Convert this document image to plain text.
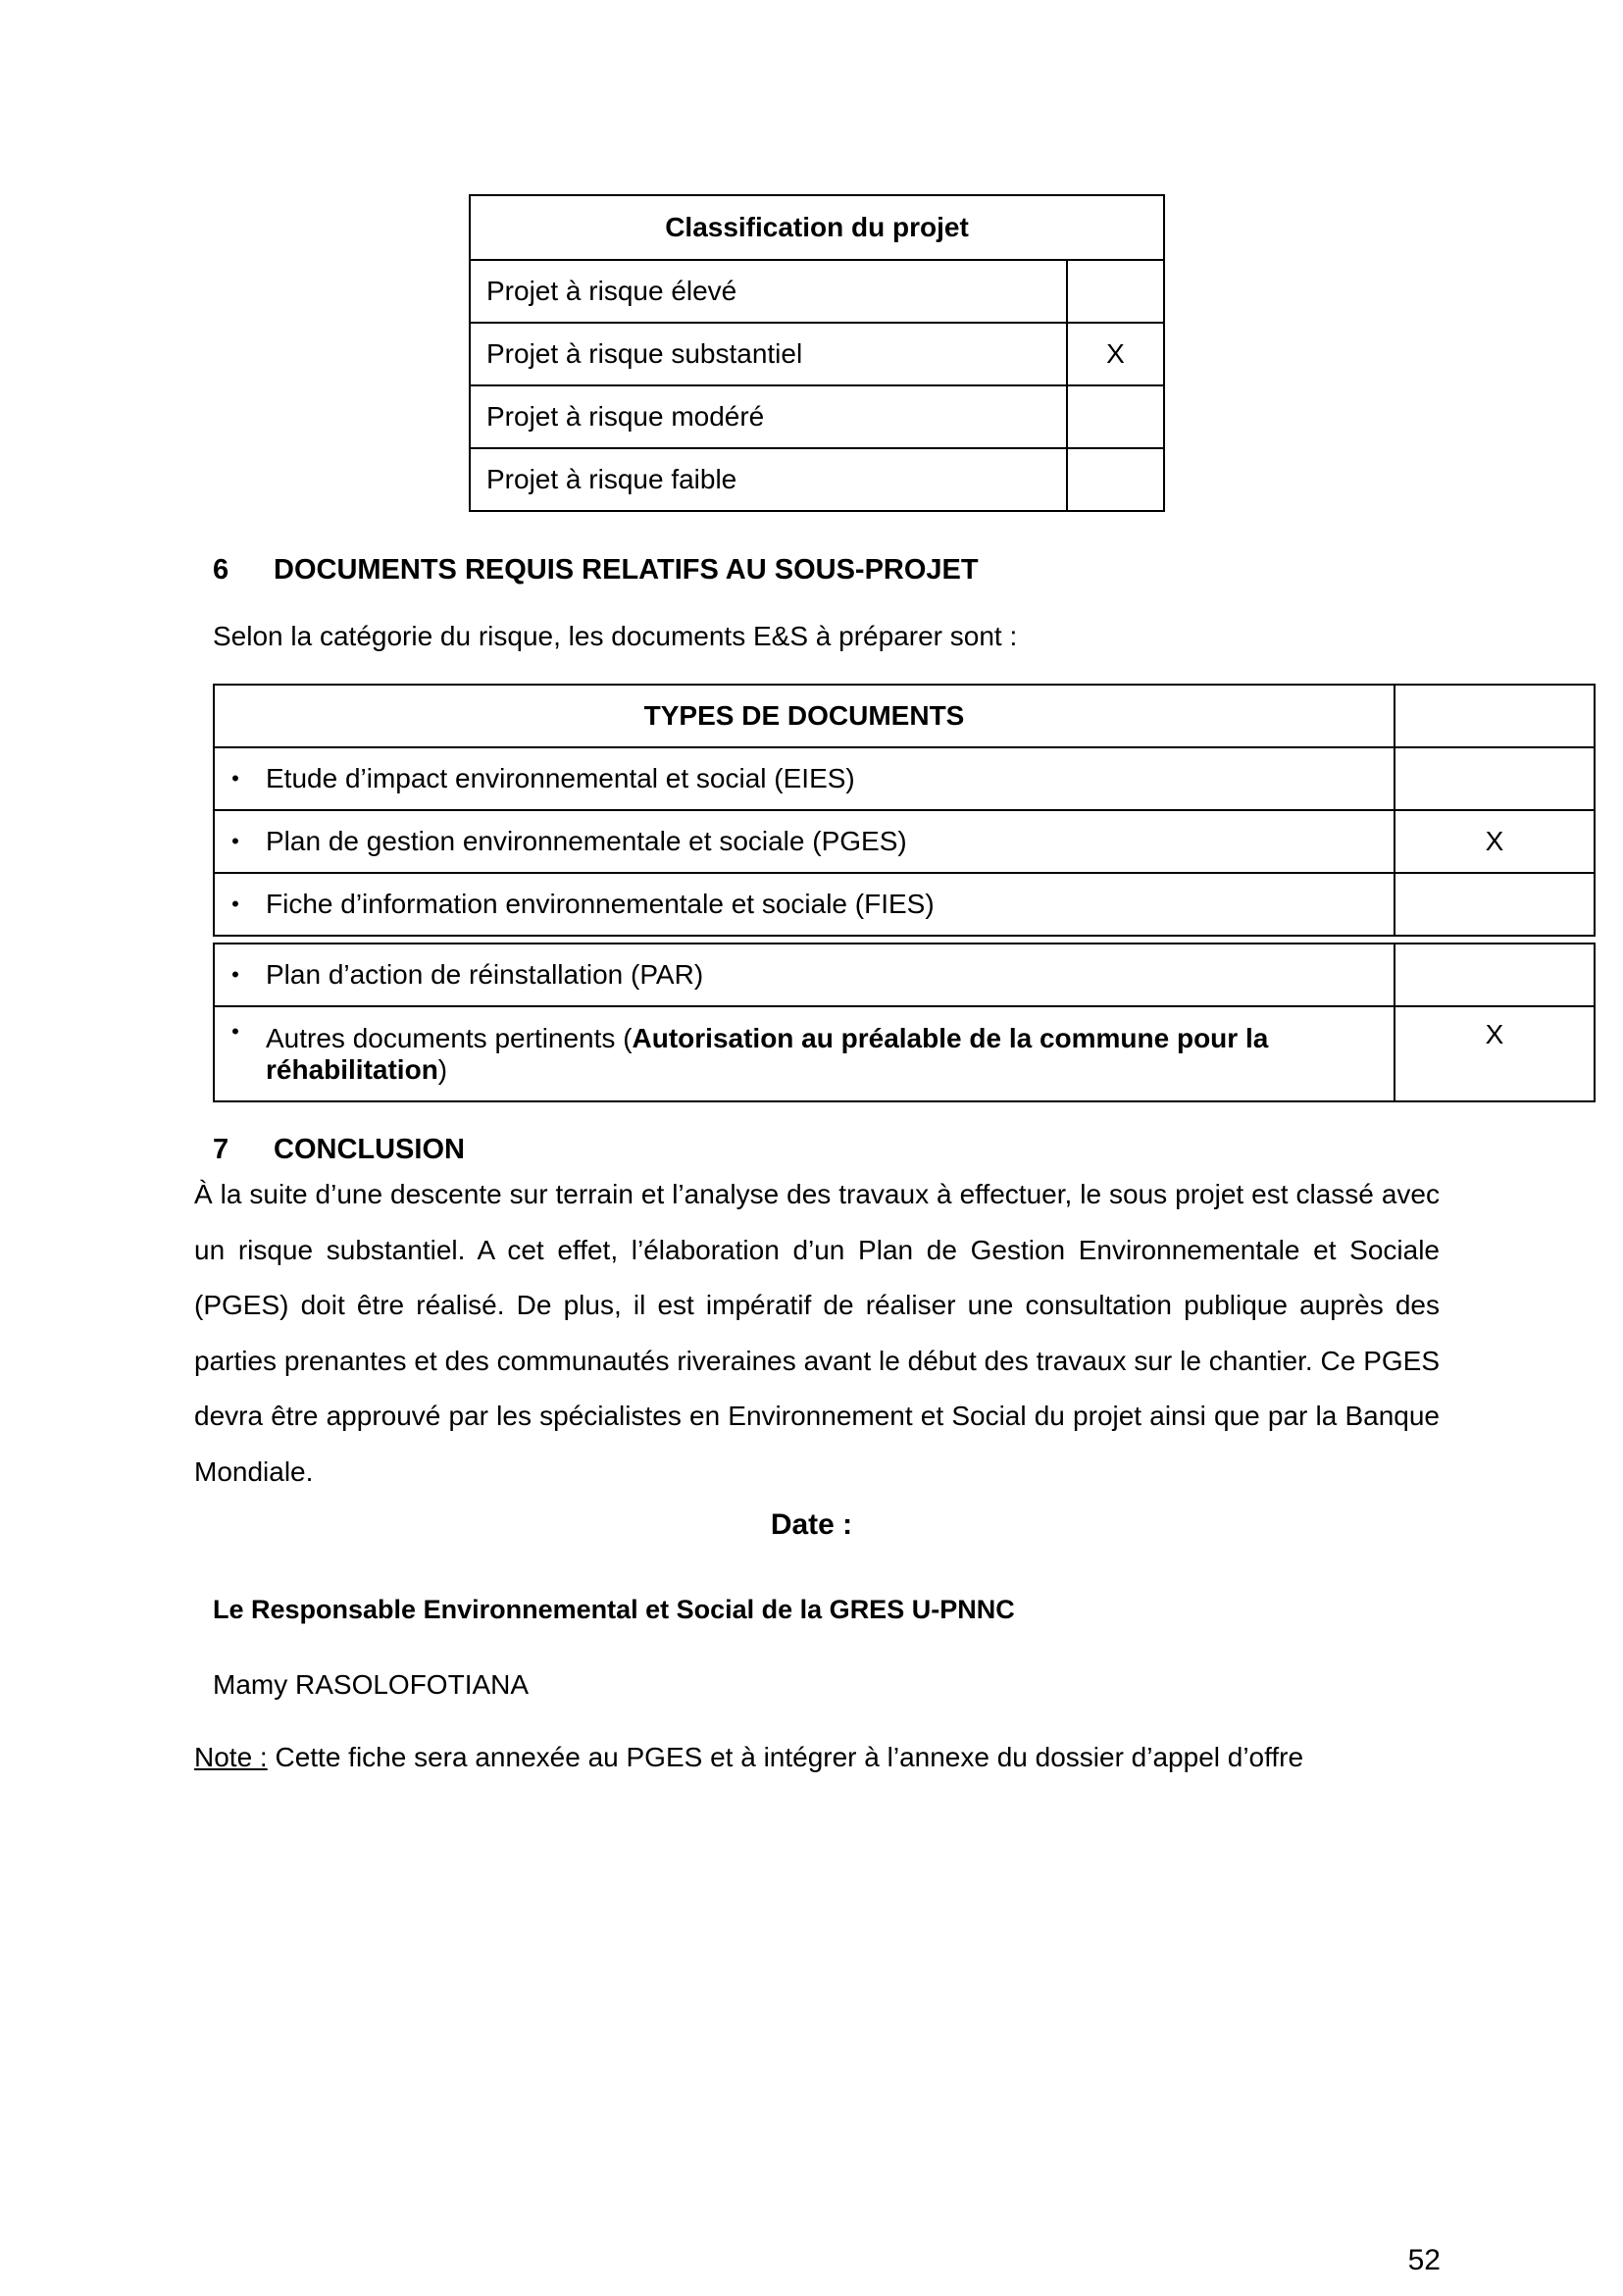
Classification du projet	
Projet à risque élevé	
Projet à risque substantiel	X
Projet à risque modéré	
Projet à risque faible	
6 DOCUMENTS REQUIS RELATIFS AU SOUS-PROJET
Selon la catégorie du risque, les documents E&S à préparer sont :
TYPES DE DOCUMENTS		
•	Etude d’impact environnemental et social (EIES)	
•	Plan de gestion environnementale et sociale (PGES)	X
•	Fiche d’information environnementale et sociale (FIES)	

•	Plan d’action de réinstallation (PAR)	
•	Autres documents pertinents (Autorisation au préalable de la commune pour la réhabilitation)	X
7 CONCLUSION

À la suite d’une descente sur terrain et l’analyse des travaux à effectuer, le sous projet est classé avec un risque substantiel. A cet effet, l’élaboration d’un Plan de Gestion Environnementale et Sociale (PGES) doit être réalisé. De plus, il est impératif de réaliser une consultation publique auprès des parties prenantes et des communautés riveraines avant le début des travaux sur le chantier. Ce PGES devra être approuvé par les spécialistes en Environnement et Social du projet ainsi que par la Banque Mondiale.

Date :
Le Responsable Environnemental et Social de la GRES U-PNNC
Mamy RASOLOFOTIANA
Note : Cette fiche sera annexée au PGES et à intégrer à l’annexe du dossier d’appel d’offre
52
